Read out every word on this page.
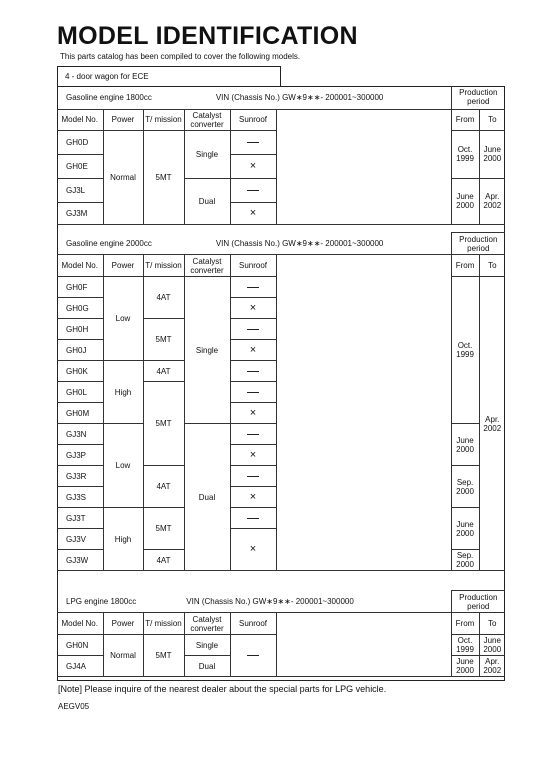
MODEL IDENTIFICATION
This parts catalog has been compiled to cover the following models.
4 - door wagon for ECE
Gasoline engine 1800cc VIN (Chassis No.) GW∗9∗∗- 200001~300000						Production period	
Model No.	Power	T/ mission	Catalyst converter	Sunroof		From	To
GH0D	Normal	5MT	Single			Oct. 1999	June 2000
GH0E				×			
GJ3L			Dual			June 2000	Apr. 2002
GJ3M				×			
Gasoline engine 2000cc VIN (Chassis No.) GW∗9∗∗- 200001~300000						Production period	
Model No.	Power	T/ mission	Catalyst converter	Sunroof		From	To
GH0F	Low	4AT	Single			Oct. 1999	Apr. 2002
GH0G				×			
GH0H		5MT					
GH0J				×			
GH0K	High	4AT					
GH0L		5MT					
GH0M				×			
GJ3N	Low		Dual			June 2000	
GJ3P				×			
GJ3R		4AT				Sep. 2000	
GJ3S				×			
GJ3T	High	5MT				June 2000	
GJ3V				×			
GJ3W		4AT				Sep. 2000	
LPG engine 1800cc VIN (Chassis No.) GW∗9∗∗- 200001~300000						Production period	
Model No.	Power	T/ mission	Catalyst converter	Sunroof		From	To
GH0N	Normal	5MT	Single			Oct. 1999	June 2000
GJ4A			Dual			June 2000	Apr. 2002
[Note] Please inquire of the nearest dealer about the special parts for LPG vehicle.
AEGV05
